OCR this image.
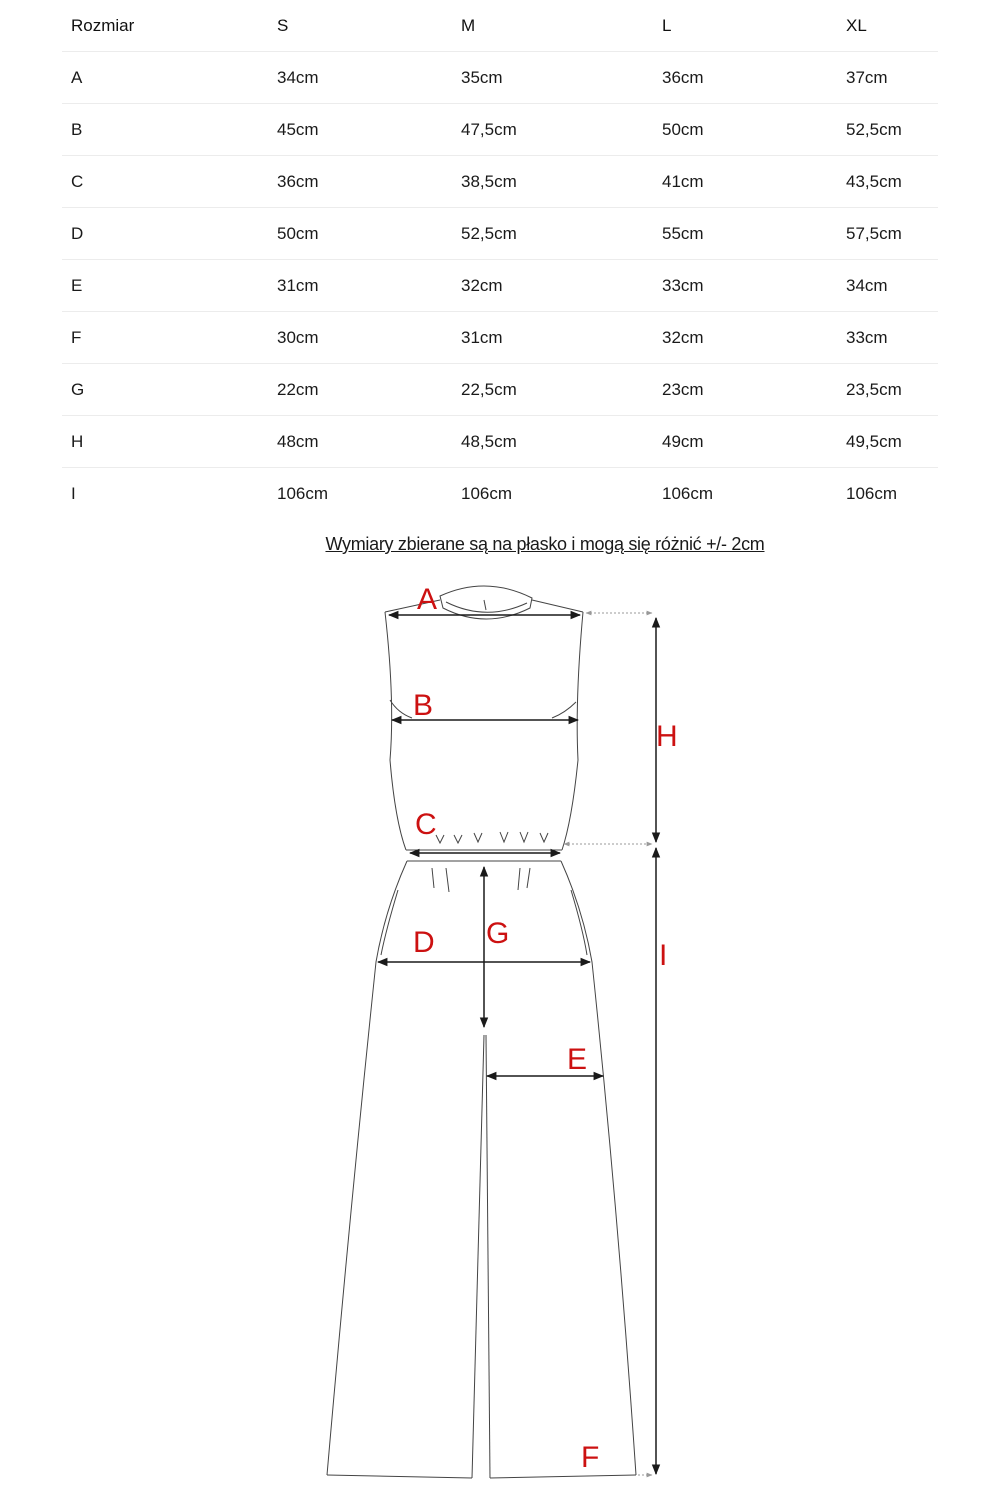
Rozmiar	S	M	L	XL
A	34cm	35cm	36cm	37cm
B	45cm	47,5cm	50cm	52,5cm
C	36cm	38,5cm	41cm	43,5cm
D	50cm	52,5cm	55cm	57,5cm
E	31cm	32cm	33cm	34cm
F	30cm	31cm	32cm	33cm
G	22cm	22,5cm	23cm	23,5cm
H	48cm	48,5cm	49cm	49,5cm
I	106cm	106cm	106cm	106cm
Wymiary zbierane są na płasko i mogą się różnić +/- 2cm
A
B
C
D G
E
H
I
F
